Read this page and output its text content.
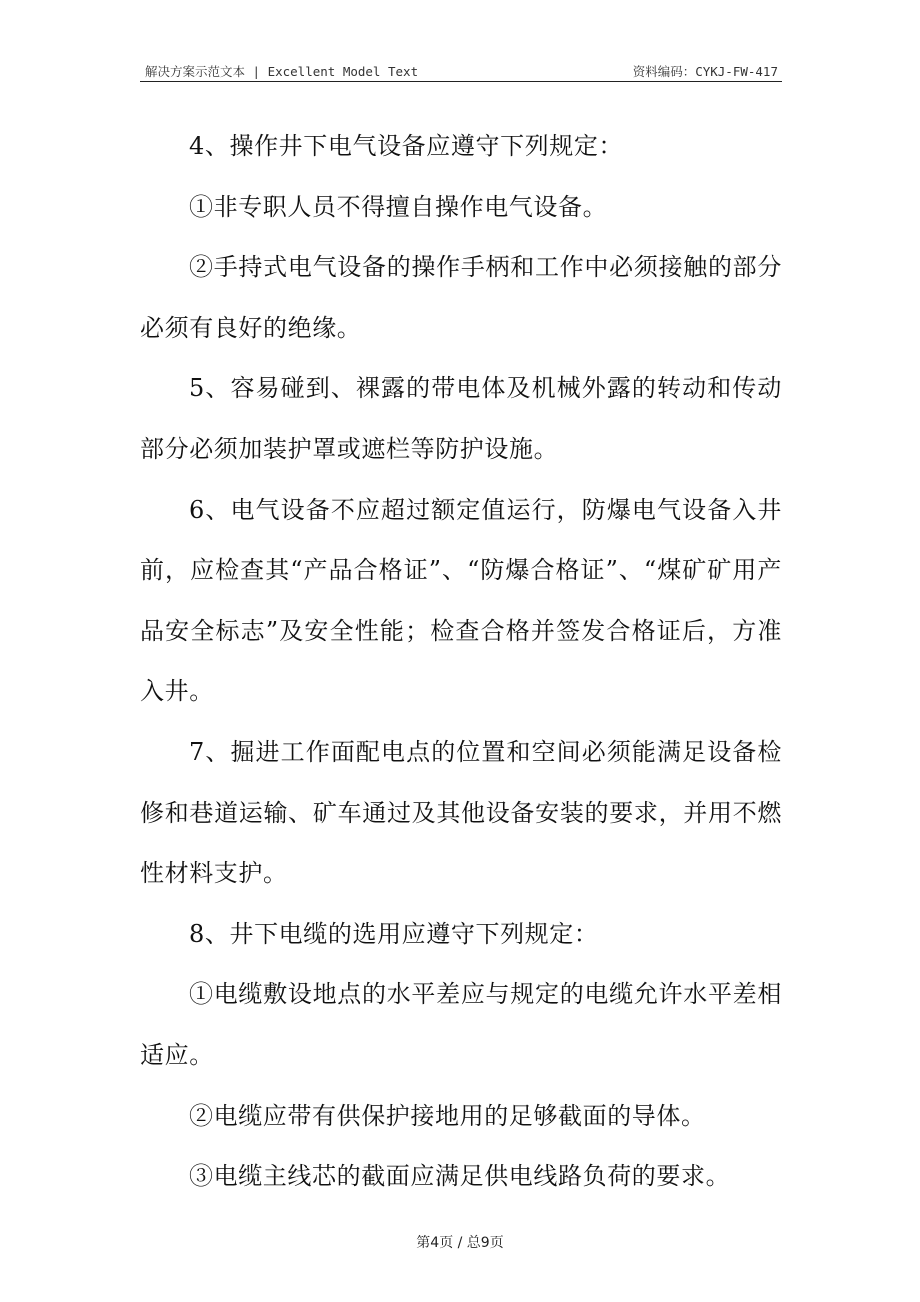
解决方案示范文本 | Excellent Model Text	资料编码：CYKJ-FW-417

4、操作井下电气设备应遵守下列规定：

①非专职人员不得擅自操作电气设备。

②手持式电气设备的操作手柄和工作中必须接触的部分必须有良好的绝缘。

5、容易碰到、裸露的带电体及机械外露的转动和传动部分必须加装护罩或遮栏等防护设施。

6、电气设备不应超过额定值运行，防爆电气设备入井前，应检查其“产品合格证”、“防爆合格证”、“煤矿矿用产品安全标志”及安全性能；检查合格并签发合格证后，方准入井。

7、掘进工作面配电点的位置和空间必须能满足设备检修和巷道运输、矿车通过及其他设备安装的要求，并用不燃性材料支护。

8、井下电缆的选用应遵守下列规定：

①电缆敷设地点的水平差应与规定的电缆允许水平差相适应。

②电缆应带有供保护接地用的足够截面的导体。

③电缆主线芯的截面应满足供电线路负荷的要求。

第4页 / 总9页
